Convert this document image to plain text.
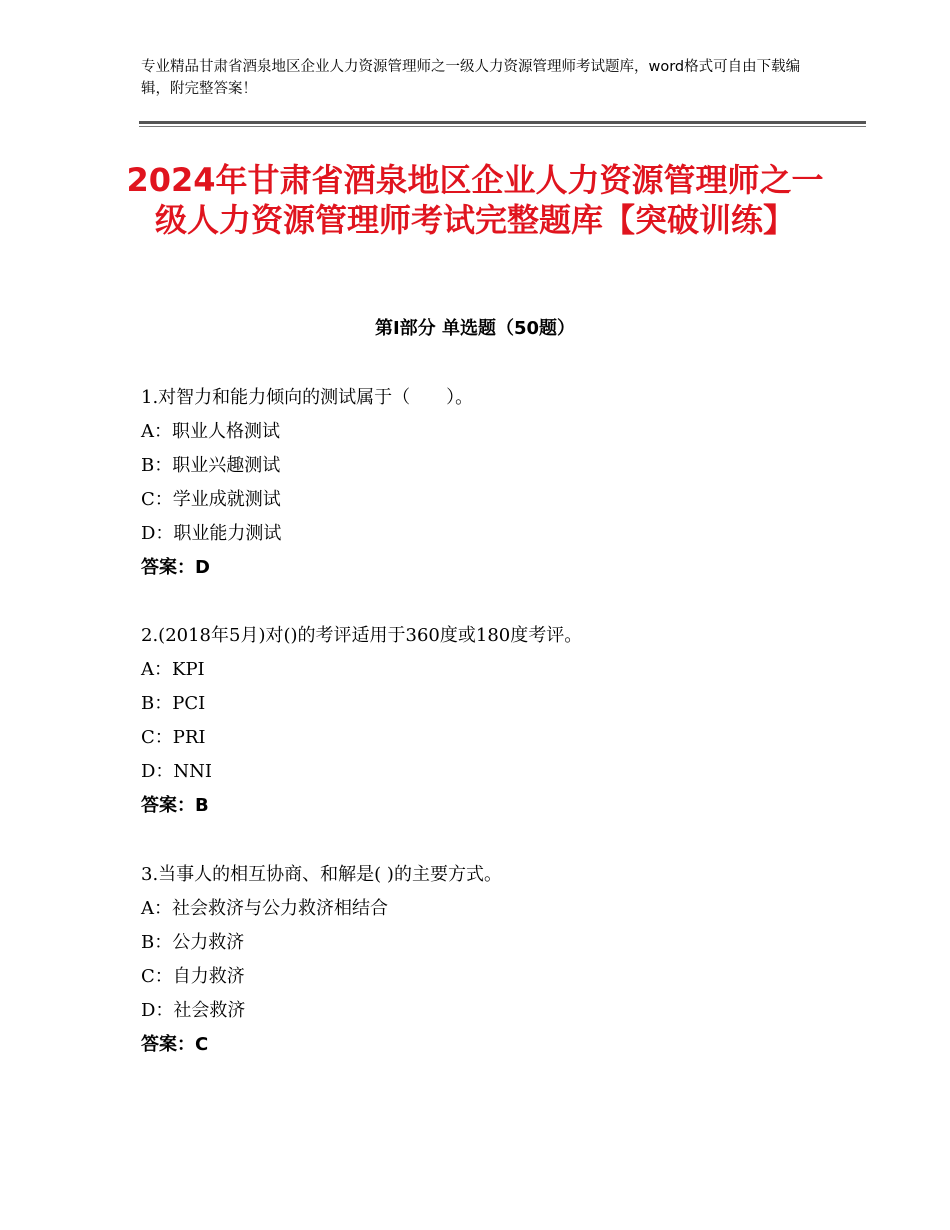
专业精品甘肃省酒泉地区企业人力资源管理师之一级人力资源管理师考试题库，word格式可自由下载编辑，附完整答案！
2024年甘肃省酒泉地区企业人力资源管理师之一级人力资源管理师考试完整题库【突破训练】
第Ⅰ部分 单选题（50题）
1.对智力和能力倾向的测试属于（　　）。
A：职业人格测试
B：职业兴趣测试
C：学业成就测试
D：职业能力测试
答案：D
2.(2018年5月)对()的考评适用于360度或180度考评。
A：KPI
B：PCI
C：PRI
D：NNI
答案：B
3.当事人的相互协商、和解是( )的主要方式。
A：社会救济与公力救济相结合
B：公力救济
C：自力救济
D：社会救济
答案：C
